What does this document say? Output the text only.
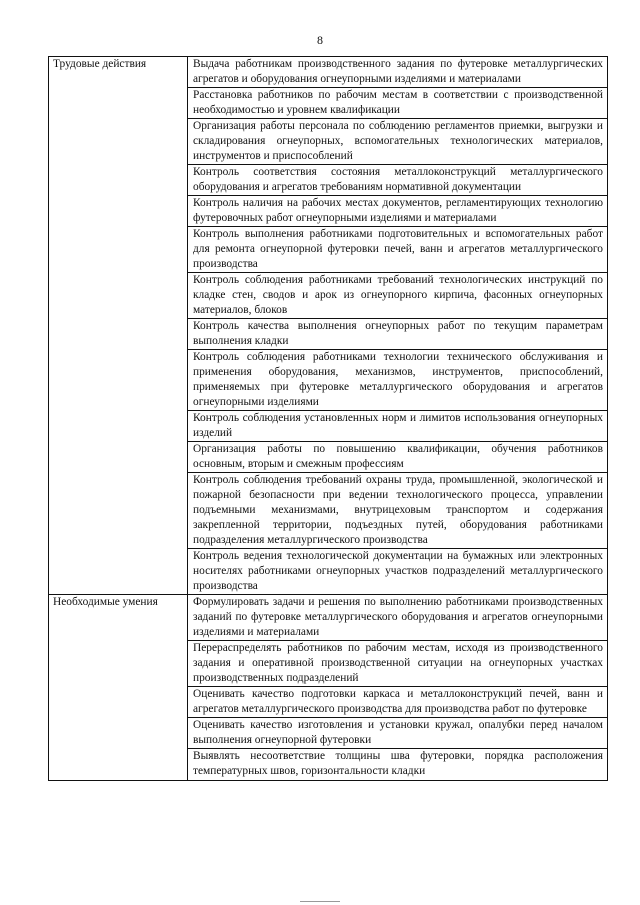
8
Трудовые действия	Выдача работникам производственного задания по футеровке металлургических агрегатов и оборудования огнеупорными изделиями и материалами
	Расстановка работников по рабочим местам в соответствии с производственной необходимостью и уровнем квалификации
	Организация работы персонала по соблюдению регламентов приемки, выгрузки и складирования огнеупорных, вспомогательных технологических материалов, инструментов и приспособлений
	Контроль соответствия состояния металлоконструкций металлургического оборудования и агрегатов требованиям нормативной документации
	Контроль наличия на рабочих местах документов, регламентирующих технологию футеровочных работ огнеупорными изделиями и материалами
	Контроль выполнения работниками подготовительных и вспомогательных работ для ремонта огнеупорной футеровки печей, ванн и агрегатов металлургического производства
	Контроль соблюдения работниками требований технологических инструкций по кладке стен, сводов и арок из огнеупорного кирпича, фасонных огнеупорных материалов, блоков
	Контроль качества выполнения огнеупорных работ по текущим параметрам выполнения кладки
	Контроль соблюдения работниками технологии технического обслуживания и применения оборудования, механизмов, инструментов, приспособлений, применяемых при футеровке металлургического оборудования и агрегатов огнеупорными изделиями
	Контроль соблюдения установленных норм и лимитов использования огнеупорных изделий
	Организация работы по повышению квалификации, обучения работников основным, вторым и смежным профессиям
	Контроль соблюдения требований охраны труда, промышленной, экологической и пожарной безопасности при ведении технологического процесса, управлении подъемными механизмами, внутрицеховым транспортом и содержания закрепленной территории, подъездных путей, оборудования работниками подразделения металлургического производства
	Контроль ведения технологической документации на бумажных или электронных носителях работниками огнеупорных участков подразделений металлургического производства
Необходимые умения	Формулировать задачи и решения по выполнению работниками производственных заданий по футеровке металлургического оборудования и агрегатов огнеупорными изделиями и материалами
	Перераспределять работников по рабочим местам, исходя из производственного задания и оперативной производственной ситуации на огнеупорных участках производственных подразделений
	Оценивать качество подготовки каркаса и металлоконструкций печей, ванн и агрегатов металлургического производства для производства работ по футеровке
	Оценивать качество изготовления и установки кружал, опалубки перед началом выполнения огнеупорной футеровки

	Выявлять несоответствие толщины шва футеровки, порядка расположения температурных швов, горизонтальности кладки
